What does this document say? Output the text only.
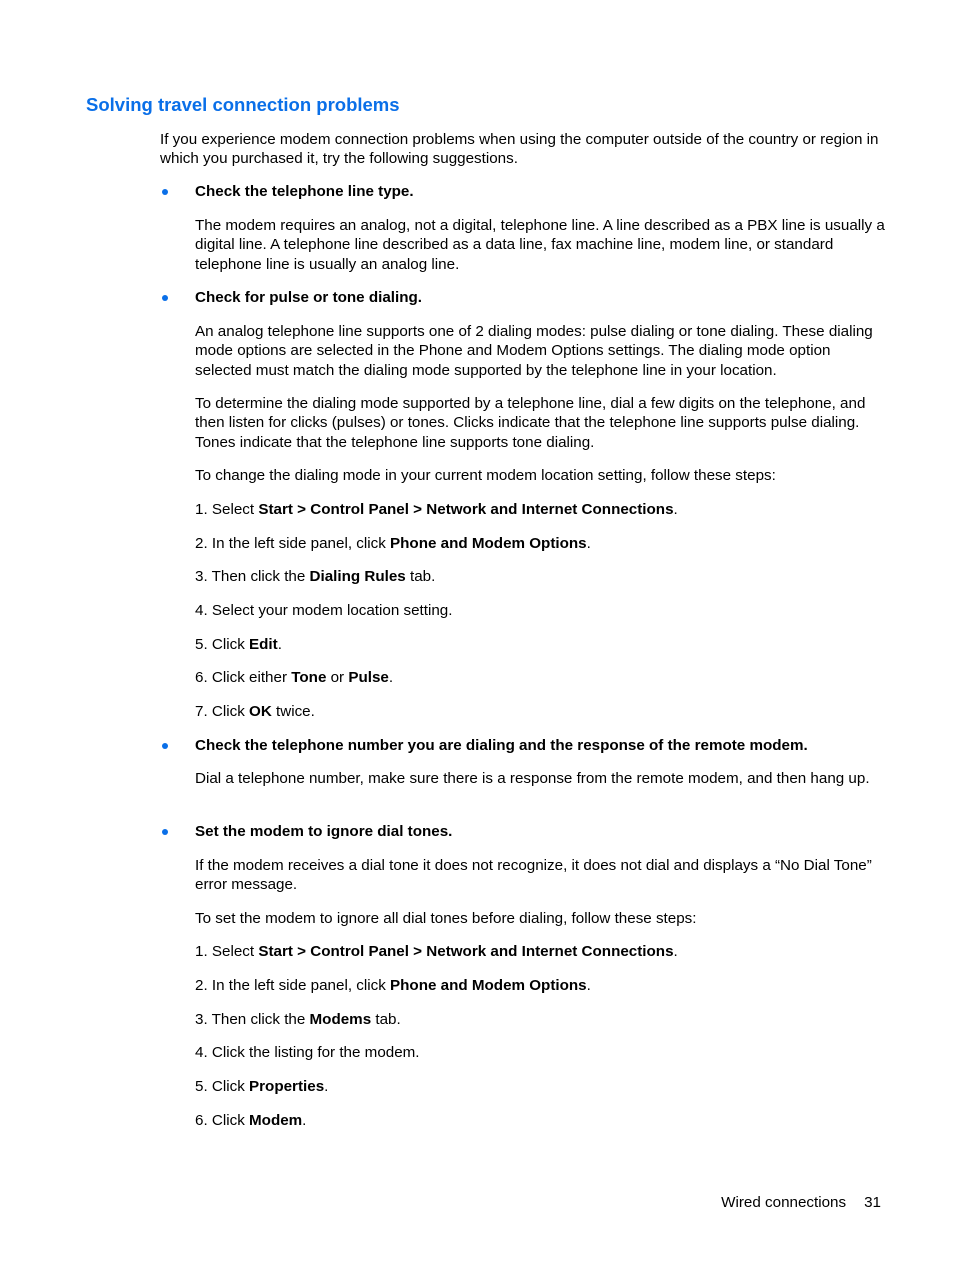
Solving travel connection problems

If you experience modem connection problems when using the computer outside of the country or region in which you purchased it, try the following suggestions.

Check the telephone line type.

The modem requires an analog, not a digital, telephone line. A line described as a PBX line is usually a digital line. A telephone line described as a data line, fax machine line, modem line, or standard telephone line is usually an analog line.

Check for pulse or tone dialing.

An analog telephone line supports one of 2 dialing modes: pulse dialing or tone dialing. These dialing mode options are selected in the Phone and Modem Options settings. The dialing mode option selected must match the dialing mode supported by the telephone line in your location.

To determine the dialing mode supported by a telephone line, dial a few digits on the telephone, and then listen for clicks (pulses) or tones. Clicks indicate that the telephone line supports pulse dialing. Tones indicate that the telephone line supports tone dialing.

To change the dialing mode in your current modem location setting, follow these steps:

1. Select Start > Control Panel > Network and Internet Connections.
2. In the left side panel, click Phone and Modem Options.
3. Then click the Dialing Rules tab.
4. Select your modem location setting.
5. Click Edit.
6. Click either Tone or Pulse.
7. Click OK twice.
Check the telephone number you are dialing and the response of the remote modem.

Dial a telephone number, make sure there is a response from the remote modem, and then hang up.

Set the modem to ignore dial tones.

If the modem receives a dial tone it does not recognize, it does not dial and displays a “No Dial Tone” error message.

To set the modem to ignore all dial tones before dialing, follow these steps:

1. Select Start > Control Panel > Network and Internet Connections.
2. In the left side panel, click Phone and Modem Options.
3. Then click the Modems tab.
4. Click the listing for the modem.
5. Click Properties.
6. Click Modem.
Wired connections 31
